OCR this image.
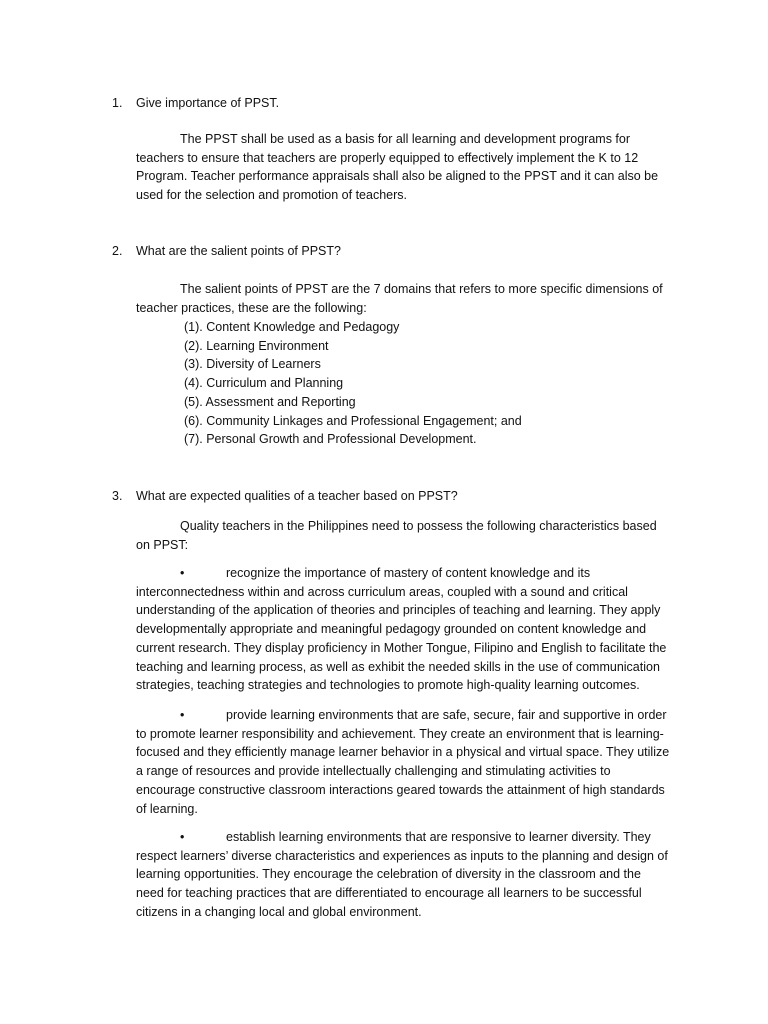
1. Give importance of PPST.
The PPST shall be used as a basis for all learning and development programs for teachers to ensure that teachers are properly equipped to effectively implement the K to 12 Program. Teacher performance appraisals shall also be aligned to the PPST and it can also be used for the selection and promotion of teachers.
2. What are the salient points of PPST?
The salient points of PPST are the 7 domains that refers to more specific dimensions of teacher practices, these are the following:
(1). Content Knowledge and Pedagogy
(2). Learning Environment
(3). Diversity of Learners
(4). Curriculum and Planning
(5). Assessment and Reporting
(6). Community Linkages and Professional Engagement; and
(7). Personal Growth and Professional Development.
3. What are expected qualities of a teacher based on PPST?
Quality teachers in the Philippines need to possess the following characteristics based on PPST:
•	recognize the importance of mastery of content knowledge and its interconnectedness within and across curriculum areas, coupled with a sound and critical understanding of the application of theories and principles of teaching and learning. They apply developmentally appropriate and meaningful pedagogy grounded on content knowledge and current research. They display proficiency in Mother Tongue, Filipino and English to facilitate the teaching and learning process, as well as exhibit the needed skills in the use of communication strategies, teaching strategies and technologies to promote high-quality learning outcomes.
•	provide learning environments that are safe, secure, fair and supportive in order to promote learner responsibility and achievement. They create an environment that is learning-focused and they efficiently manage learner behavior in a physical and virtual space. They utilize a range of resources and provide intellectually challenging and stimulating activities to encourage constructive classroom interactions geared towards the attainment of high standards of learning.
•	establish learning environments that are responsive to learner diversity. They respect learners’ diverse characteristics and experiences as inputs to the planning and design of learning opportunities. They encourage the celebration of diversity in the classroom and the need for teaching practices that are differentiated to encourage all learners to be successful citizens in a changing local and global environment.
